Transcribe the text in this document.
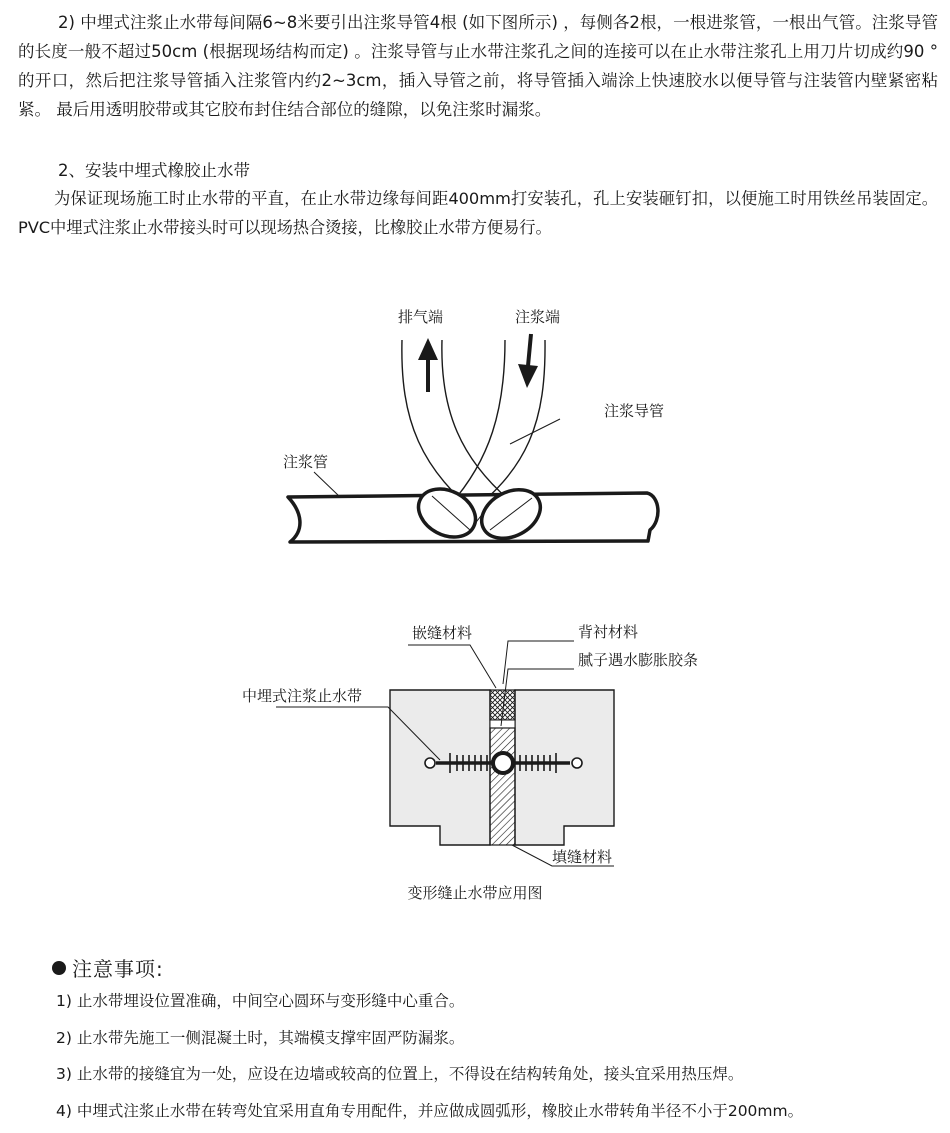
2) 中埋式注浆止水带每间隔6~8米要引出注浆导管4根 (如下图所示) ，每侧各2根，一根进浆管，一根出气管。注浆导管的长度一般不超过50cm (根据现场结构而定) 。注浆导管与止水带注浆孔之间的连接可以在止水带注浆孔上用刀片切成约90 °的开口，然后把注浆导管插入注浆管内约2~3cm，插入导管之前，将导管插入端涂上快速胶水以便导管与注装管内壁紧密粘紧。 最后用透明胶带或其它胶布封住结合部位的缝隙，以免注浆时漏浆。

2、安装中埋式橡胶止水带

为保证现场施工时止水带的平直，在止水带边缘每间距400mm打安装孔，孔上安装砸钉扣，以便施工时用铁丝吊装固定。PVC中埋式注浆止水带接头时可以现场热合烫接，比橡胶止水带方便易行。

排气端	注浆端
注浆导管
注浆管
嵌缝材料	背衬材料
腻子遇水膨胀胶条
中埋式注浆止水带
填缝材料

变形缝止水带应用图

注意事项:
1) 止水带埋设位置准确，中间空心圆环与变形缝中心重合。
2) 止水带先施工一侧混凝土时，其端模支撑牢固严防漏浆。
3) 止水带的接缝宜为一处，应设在边墙或较高的位置上，不得设在结构转角处，接头宜采用热压焊。
4) 中埋式注浆止水带在转弯处宜采用直角专用配件，并应做成圆弧形，橡胶止水带转角半径不小于200mm。
